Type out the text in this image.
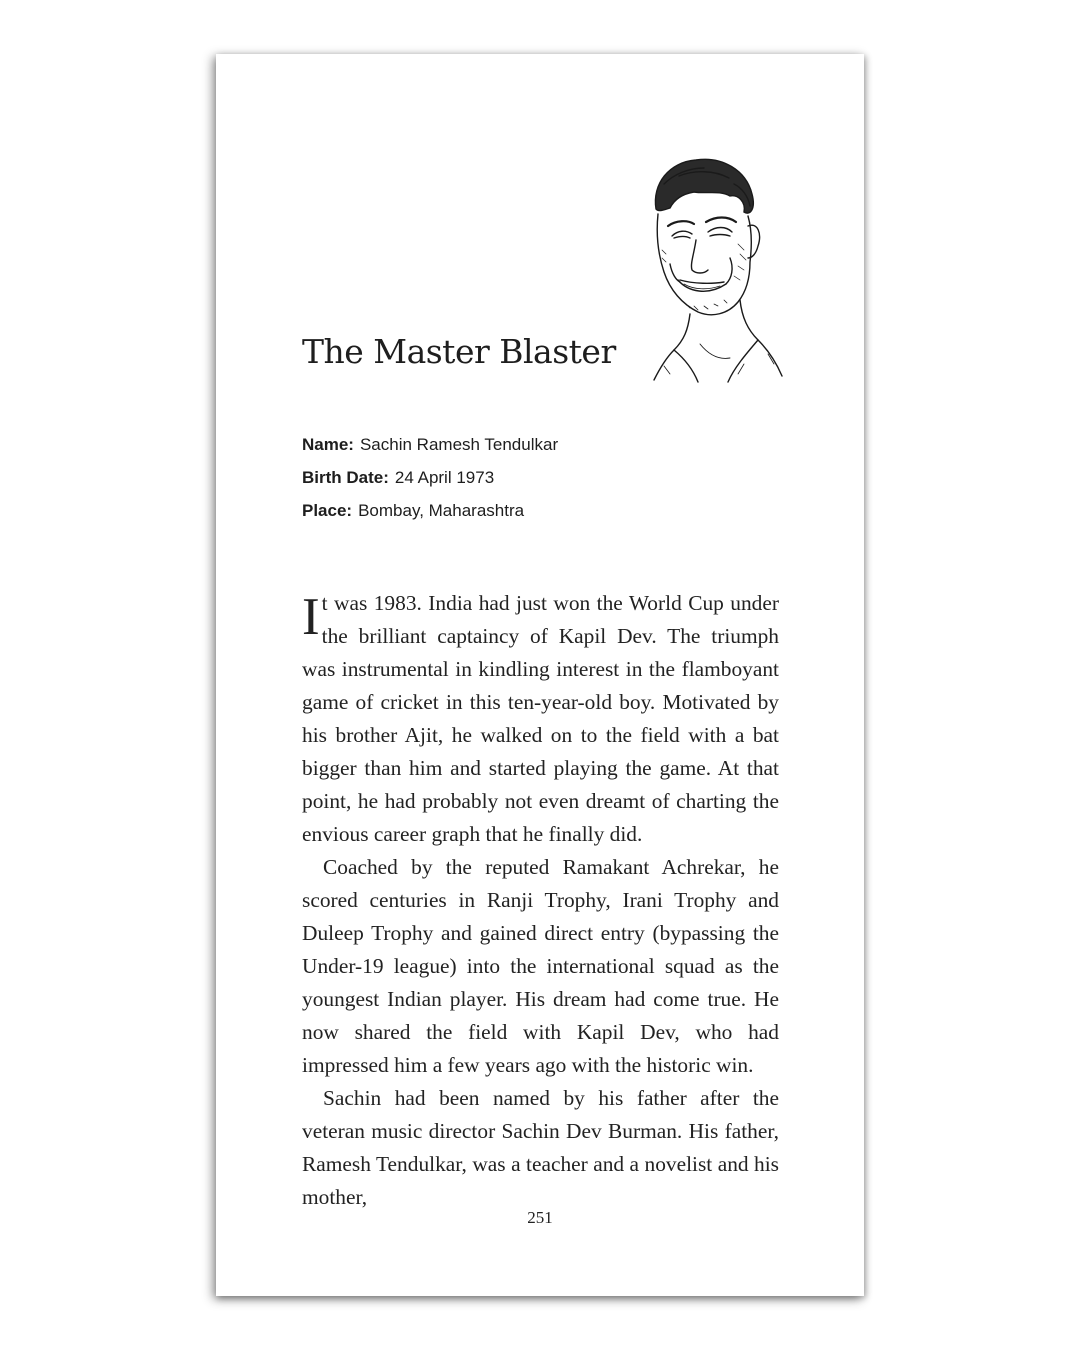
The Master Blaster
Name: Sachin Ramesh Tendulkar
Birth Date: 24 April 1973
Place: Bombay, Maharashtra

It was 1983. India had just won the World Cup under the brilliant captaincy of Kapil Dev. The triumph was instrumental in kindling interest in the flamboyant game of cricket in this ten-year-old boy. Motivated by his brother Ajit, he walked on to the field with a bat bigger than him and started playing the game. At that point, he had probably not even dreamt of charting the envious career graph that he finally did.

Coached by the reputed Ramakant Achrekar, he scored centuries in Ranji Trophy, Irani Trophy and Duleep Trophy and gained direct entry (bypassing the Under-19 league) into the international squad as the youngest Indian player. His dream had come true. He now shared the field with Kapil Dev, who had impressed him a few years ago with the historic win.

Sachin had been named by his father after the veteran music director Sachin Dev Burman. His father, Ramesh Tendulkar, was a teacher and a novelist and his mother,

251
